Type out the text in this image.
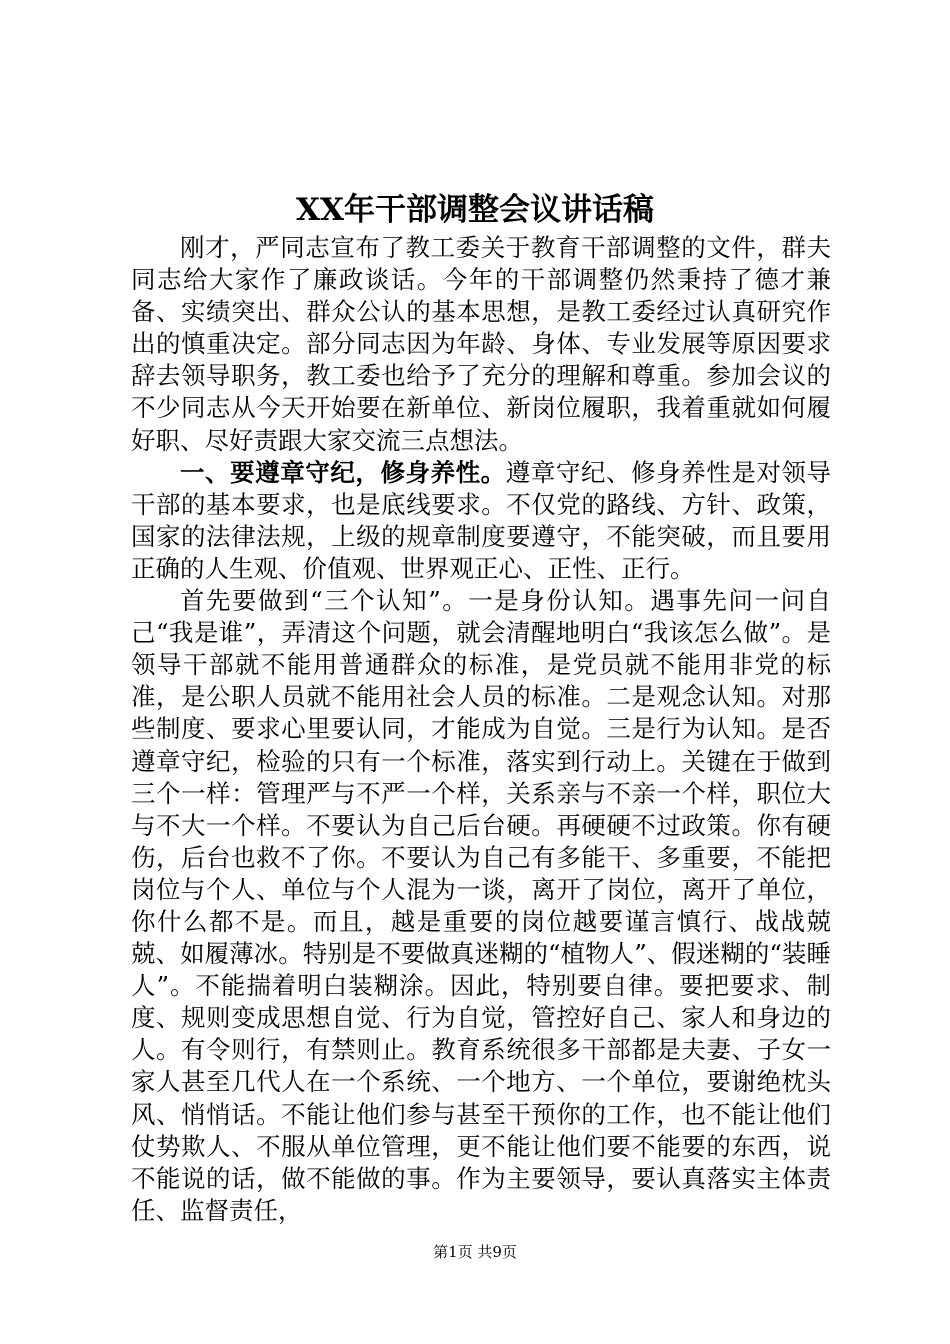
XX年干部调整会议讲话稿

刚才，严同志宣布了教工委关于教育干部调整的文件，群夫同志给大家作了廉政谈话。今年的干部调整仍然秉持了德才兼备、实绩突出、群众公认的基本思想，是教工委经过认真研究作出的慎重决定。部分同志因为年龄、身体、专业发展等原因要求辞去领导职务，教工委也给予了充分的理解和尊重。参加会议的不少同志从今天开始要在新单位、新岗位履职，我着重就如何履好职、尽好责跟大家交流三点想法。

一、要遵章守纪，修身养性。遵章守纪、修身养性是对领导干部的基本要求，也是底线要求。不仅党的路线、方针、政策，国家的法律法规，上级的规章制度要遵守，不能突破，而且要用正确的人生观、价值观、世界观正心、正性、正行。

首先要做到“三个认知”。一是身份认知。遇事先问一问自己“我是谁”，弄清这个问题，就会清醒地明白“我该怎么做”。是领导干部就不能用普通群众的标准，是党员就不能用非党的标准，是公职人员就不能用社会人员的标准。二是观念认知。对那些制度、要求心里要认同，才能成为自觉。三是行为认知。是否遵章守纪，检验的只有一个标准，落实到行动上。关键在于做到三个一样：管理严与不严一个样，关系亲与不亲一个样，职位大与不大一个样。不要认为自己后台硬。再硬硬不过政策。你有硬伤，后台也救不了你。不要认为自己有多能干、多重要，不能把岗位与个人、单位与个人混为一谈，离开了岗位，离开了单位，你什么都不是。而且，越是重要的岗位越要谨言慎行、战战兢兢、如履薄冰。特别是不要做真迷糊的“植物人”、假迷糊的“装睡人”。不能揣着明白装糊涂。因此，特别要自律。要把要求、制度、规则变成思想自觉、行为自觉，管控好自己、家人和身边的人。有令则行，有禁则止。教育系统很多干部都是夫妻、子女一家人甚至几代人在一个系统、一个地方、一个单位，要谢绝枕头风、悄悄话。不能让他们参与甚至干预你的工作，也不能让他们仗势欺人、不服从单位管理，更不能让他们要不能要的东西，说不能说的话，做不能做的事。作为主要领导，要认真落实主体责任、监督责任，

第1页 共9页
